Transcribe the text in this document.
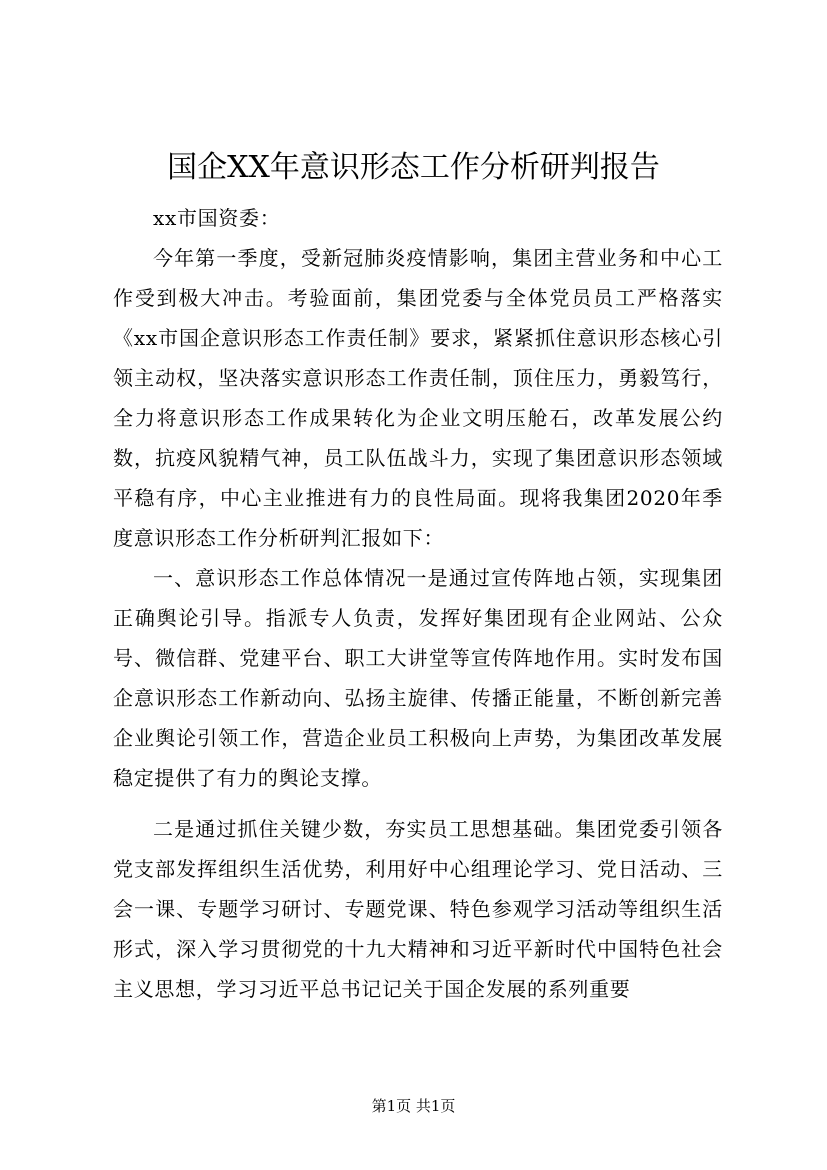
国企XX年意识形态工作分析研判报告

xx市国资委：

今年第一季度，受新冠肺炎疫情影响，集团主营业务和中心工作受到极大冲击。考验面前，集团党委与全体党员员工严格落实《xx市国企意识形态工作责任制》要求，紧紧抓住意识形态核心引领主动权，坚决落实意识形态工作责任制，顶住压力，勇毅笃行，全力将意识形态工作成果转化为企业文明压舱石，改革发展公约数，抗疫风貌精气神，员工队伍战斗力，实现了集团意识形态领域平稳有序，中心主业推进有力的良性局面。现将我集团2020年季度意识形态工作分析研判汇报如下：

一、意识形态工作总体情况一是通过宣传阵地占领，实现集团正确舆论引导。指派专人负责，发挥好集团现有企业网站、公众号、微信群、党建平台、职工大讲堂等宣传阵地作用。实时发布国企意识形态工作新动向、弘扬主旋律、传播正能量，不断创新完善企业舆论引领工作，营造企业员工积极向上声势，为集团改革发展稳定提供了有力的舆论支撑。

二是通过抓住关键少数，夯实员工思想基础。集团党委引领各党支部发挥组织生活优势，利用好中心组理论学习、党日活动、三会一课、专题学习研讨、专题党课、特色参观学习活动等组织生活形式，深入学习贯彻党的十九大精神和习近平新时代中国特色社会主义思想，学习习近平总书记记关于国企发展的系列重要

第1页 共1页
